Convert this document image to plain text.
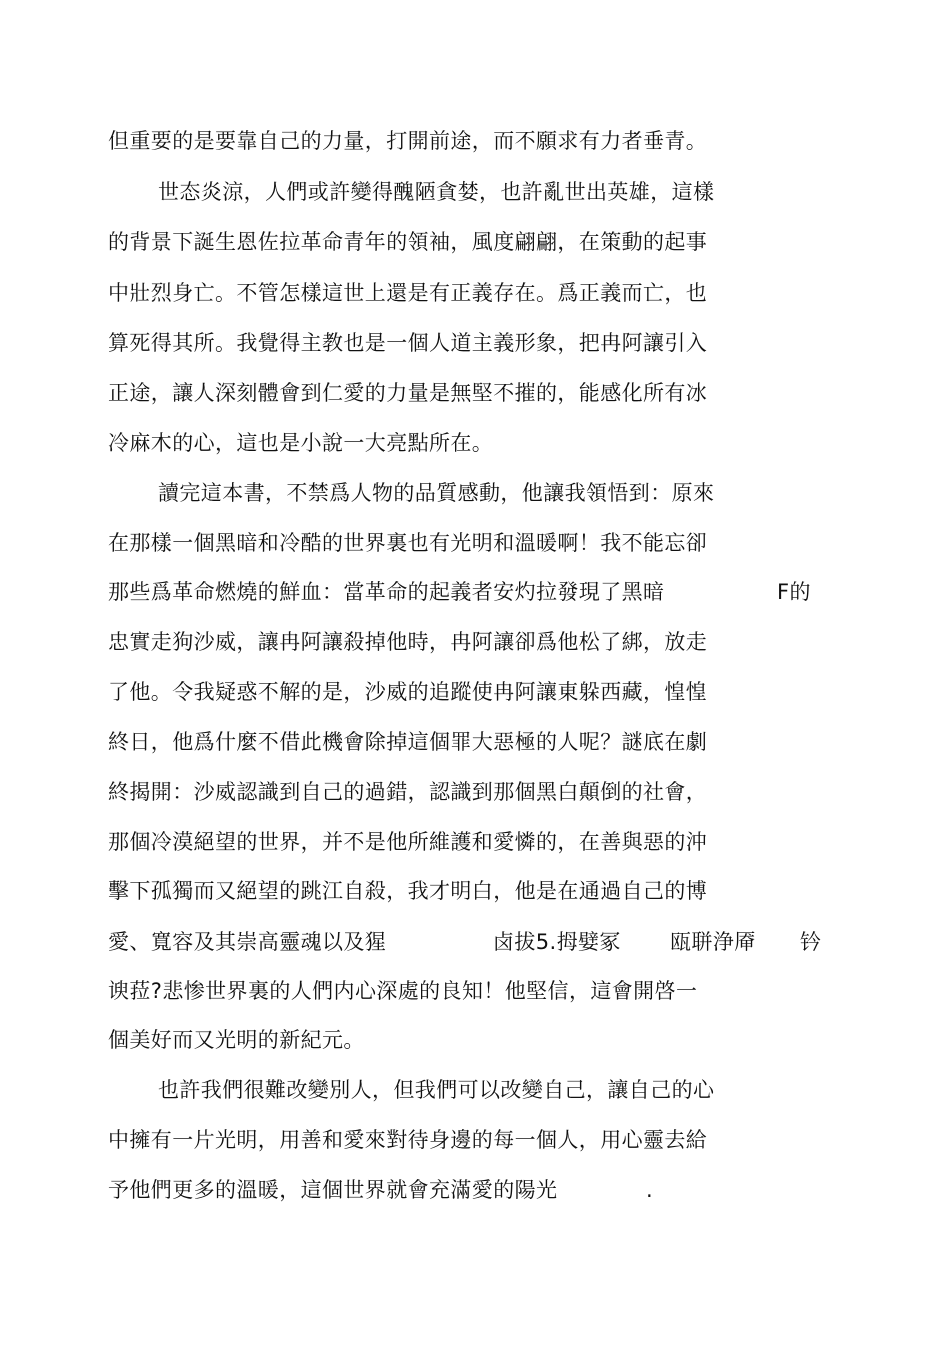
但重要的是要靠自己的力量，打開前途，而不願求有力者垂青。
世态炎涼，人們或許變得醜陋貪婪，也許亂世出英雄，這樣
的背景下誕生恩佐拉革命青年的領袖，風度翩翩，在策動的起事
中壯烈身亡。不管怎樣這世上還是有正義存在。爲正義而亡，也
算死得其所。我覺得主教也是一個人道主義形象，把冉阿讓引入
正途，讓人深刻體會到仁愛的力量是無堅不摧的，能感化所有冰
冷麻木的心，這也是小說一大亮點所在。
讀完這本書，不禁爲人物的品質感動，他讓我領悟到：原來
在那樣一個黑暗和冷酷的世界裏也有光明和溫暖啊！我不能忘卻
那些爲革命燃燒的鮮血：當革命的起義者安灼拉發現了黑暗	F的
忠實走狗沙威，讓冉阿讓殺掉他時，冉阿讓卻爲他松了綁，放走
了他。令我疑惑不解的是，沙威的追蹤使冉阿讓東躲西藏，惶惶
終日，他爲什麼不借此機會除掉這個罪大惡極的人呢？謎底在劇
終揭開：沙威認識到自己的過錯，認識到那個黑白顛倒的社會，
那個冷漠絕望的世界，并不是他所維護和愛憐的，在善與惡的沖
擊下孤獨而又絕望的跳江自殺，我才明白，他是在通過自己的博
愛、寬容及其崇高靈魂以及猩	卤拔5.拇嬖冢 瓯聠浄厣 钤
谀菈?悲惨世界裏的人們内心深處的良知！他堅信，這會開啓一
個美好而又光明的新紀元。
也許我們很難改變別人，但我們可以改變自己，讓自己的心
中擁有一片光明，用善和愛來對待身邊的每一個人，用心靈去給
予他們更多的溫暖，這個世界就會充滿愛的陽光	.
